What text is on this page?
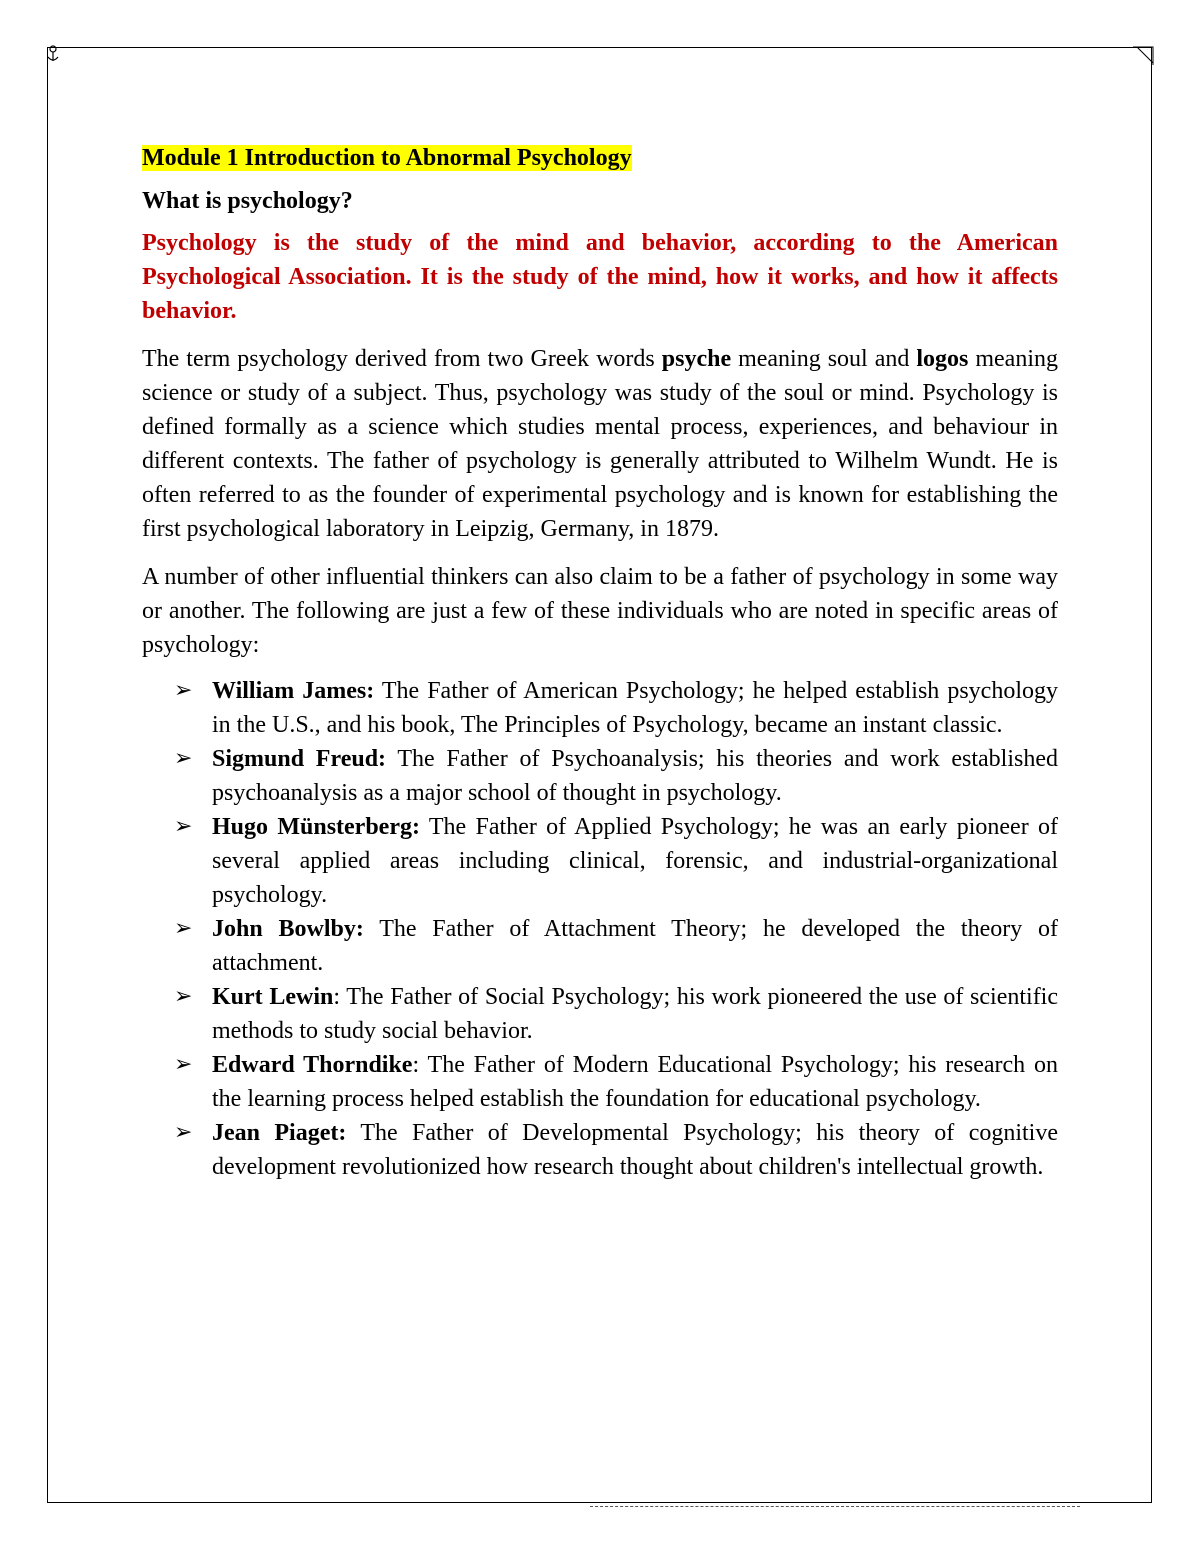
Module 1 Introduction to Abnormal Psychology

What is psychology?

Psychology is the study of the mind and behavior, according to the American Psychological Association. It is the study of the mind, how it works, and how it affects behavior.

The term psychology derived from two Greek words psyche meaning soul and logos meaning science or study of a subject. Thus, psychology was study of the soul or mind. Psychology is defined formally as a science which studies mental process, experiences, and behaviour in different contexts. The father of psychology is generally attributed to Wilhelm Wundt. He is often referred to as the founder of experimental psychology and is known for establishing the first psychological laboratory in Leipzig, Germany, in 1879.

A number of other influential thinkers can also claim to be a father of psychology in some way or another. The following are just a few of these individuals who are noted in specific areas of psychology:

➢ William James: The Father of American Psychology; he helped establish psychology in the U.S., and his book, The Principles of Psychology, became an instant classic.
➢ Sigmund Freud: The Father of Psychoanalysis; his theories and work established psychoanalysis as a major school of thought in psychology.
➢ Hugo Münsterberg: The Father of Applied Psychology; he was an early pioneer of several applied areas including clinical, forensic, and industrial-organizational psychology.
➢ John Bowlby: The Father of Attachment Theory; he developed the theory of attachment.
➢ Kurt Lewin: The Father of Social Psychology; his work pioneered the use of scientific methods to study social behavior.
➢ Edward Thorndike: The Father of Modern Educational Psychology; his research on the learning process helped establish the foundation for educational psychology.
➢ Jean Piaget: The Father of Developmental Psychology; his theory of cognitive development revolutionized how research thought about children's intellectual growth.
